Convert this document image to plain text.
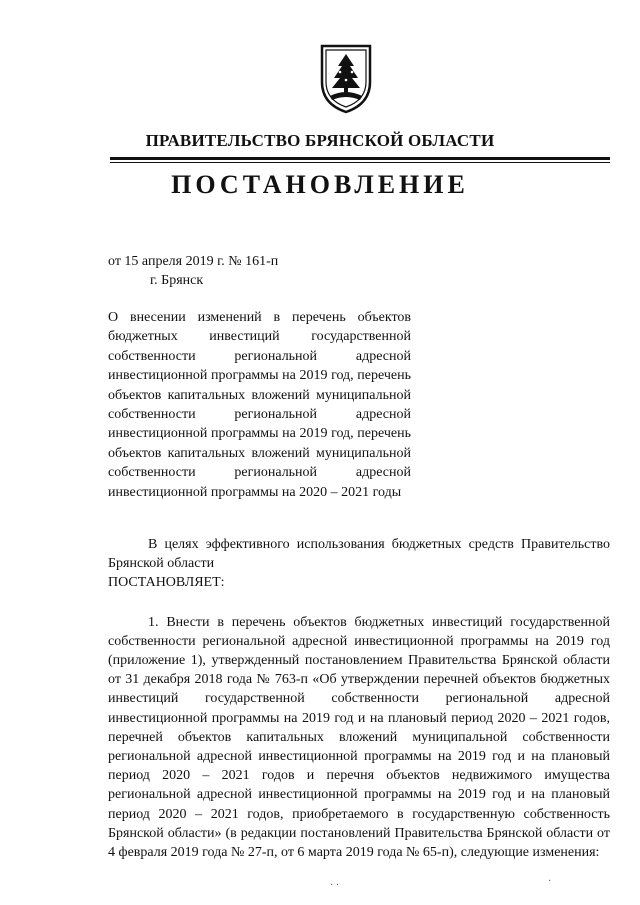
ПРАВИТЕЛЬСТВО БРЯНСКОЙ ОБЛАСТИ
ПОСТАНОВЛЕНИЕ
от 15 апреля 2019 г. № 161-п
г. Брянск
О внесении изменений в перечень объектов бюджетных инвестиций государственной собственности региональной адресной инвестиционной программы на 2019 год, перечень объектов капитальных вложений муниципальной собственности региональной адресной инвестиционной программы на 2019 год, перечень объектов капитальных вложений муниципальной собственности региональной адресной инвестиционной программы на 2020 – 2021 годы

В целях эффективного использования бюджетных средств Правительство Брянской области

ПОСТАНОВЛЯЕТ:

1. Внести в перечень объектов бюджетных инвестиций государственной собственности региональной адресной инвестиционной программы на 2019 год (приложение 1), утвержденный постановлением Правительства Брянской области от 31 декабря 2018 года № 763-п «Об утверждении перечней объектов бюджетных инвестиций государственной собственности региональной адресной инвестиционной программы на 2019 год и на плановый период 2020 – 2021 годов, перечней объектов капитальных вложений муниципальной собственности региональной адресной инвестиционной программы на 2019 год и на плановый период 2020 – 2021 годов и перечня объектов недвижимого имущества региональной адресной инвестиционной программы на 2019 год и на плановый период 2020 – 2021 годов, приобретаемого в государственную собственность Брянской области» (в редакции постановлений Правительства Брянской области от 4 февраля 2019 года № 27-п, от 6 марта 2019 года № 65-п), следующие изменения:

· ·	·
